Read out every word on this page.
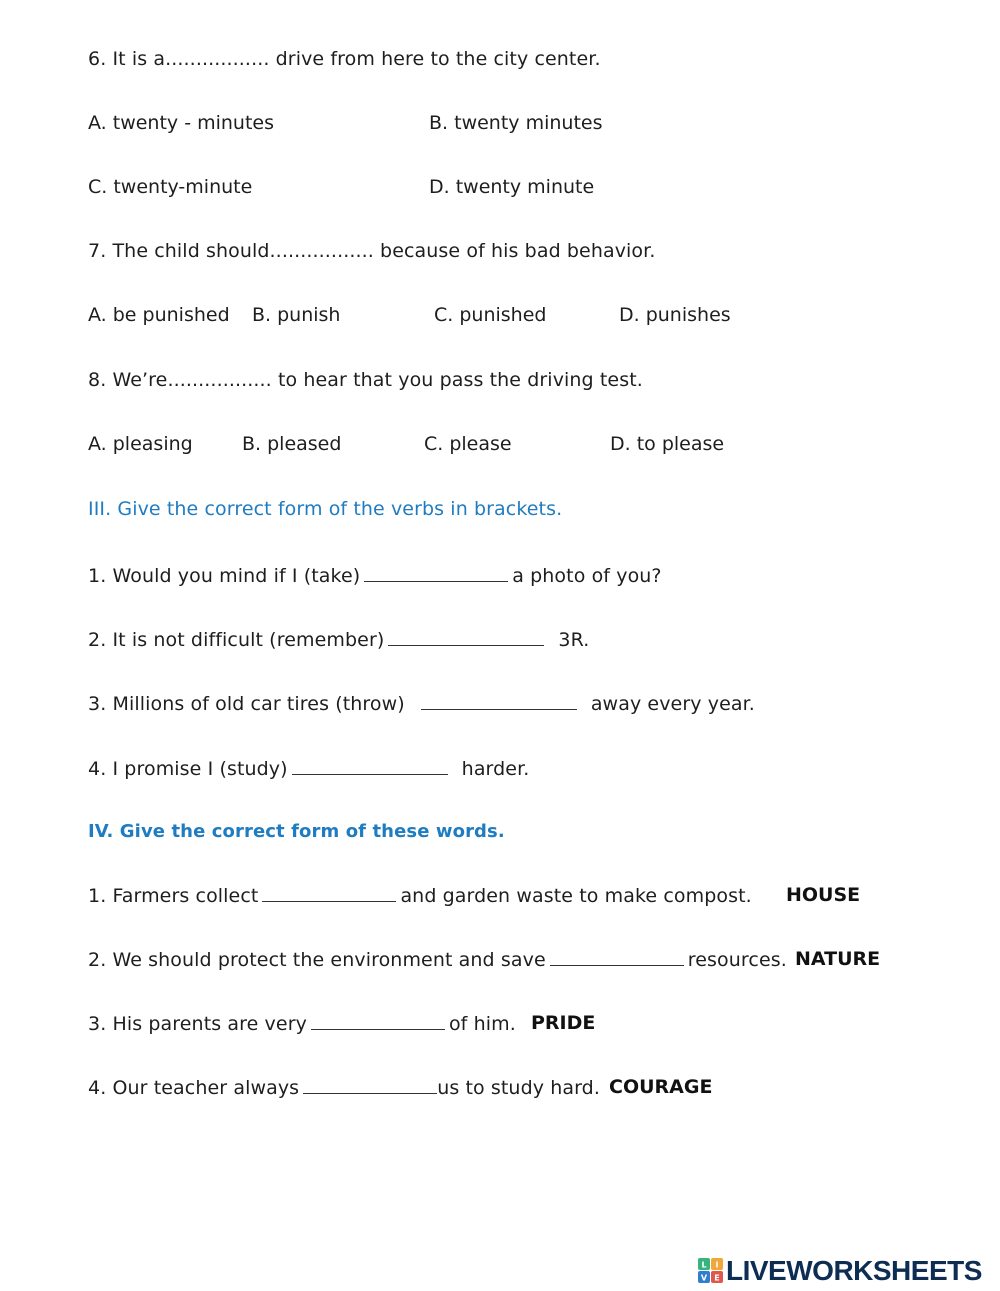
6. It is a................. drive from here to the city center.
A. twenty - minutes	B. twenty minutes
C. twenty-minute	D. twenty minute
7. The child should................. because of his bad behavior.
A. be punished B. punish	C. punished	D. punishes
8. We’re................. to hear that you pass the driving test.
A. pleasing	B. pleased	C. please	D. to please
III. Give the correct form of the verbs in brackets.
1. Would you mind if I (take)	a photo of you?
2. It is not difficult (remember)	3R.
3. Millions of old car tires (throw)	away every year.
4. I promise I (study)	harder.
IV. Give the correct form of these words.
1. Farmers collect	and garden waste to make compost. HOUSE
2. We should protect the environment and save	resources. NATURE
3. His parents are very	of him. PRIDE
4. Our teacher always	us to study hard. COURAGE
L I
V E LIVEWORKSHEETS
